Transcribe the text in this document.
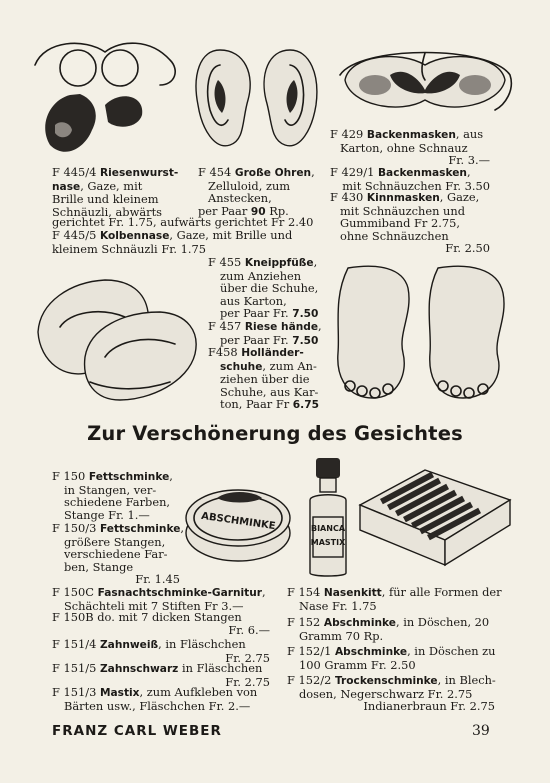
ABSCHMINKE	BIANCA
MASTIX
F 445/4 Riesenwurst-
nase, Gaze, mit
Brille und kleinem
Schnäuzli, abwärts
F 454 Große Ohren,
Zelluloid, zum
Anstecken,
per Paar 90 Rp.
gerichtet Fr. 1.75, aufwärts gerichtet Fr 2.40
F 445/5 Kolbennase, Gaze, mit Brille und
kleinem Schnäuzli Fr. 1.75
F 429 Backenmasken, aus
Karton, ohne Schnauz
Fr. 3.—
F 429/1 Backenmasken,
mit Schnäuzchen Fr. 3.50
F 430 Kinnmasken, Gaze,
mit Schnäuzchen und
Gummiband Fr 2.75,
ohne Schnäuzchen
Fr. 2.50
F 455 Kneippfüße,
zum Anziehen
über die Schuhe,
aus Karton,
per Paar Fr. 7.50
F 457 Riese hände,
per Paar Fr. 7.50
F458 Holländer-
schuhe, zum An-
ziehen über die
Schuhe, aus Kar-
ton, Paar Fr 6.75
Zur Verschönerung des Gesichtes
F 150 Fettschminke,
in Stangen, ver-
schiedene Farben,
Stange Fr. 1.—
F 150/3 Fettschminke,
größere Stangen,
verschiedene Far-
ben, Stange
Fr. 1.45
F 150C Fasnachtschminke-Garnitur,
Schächteli mit 7 Stiften Fr 3.—
F 150B do. mit 7 dicken Stangen
Fr. 6.—
F 151/4 Zahnweiß, in Fläschchen
Fr. 2.75
F 151/5 Zahnschwarz in Fläschchen
Fr. 2.75
F 151/3 Mastix, zum Aufkleben von
Bärten usw., Fläschchen Fr. 2.—
F 154 Nasenkitt, für alle Formen der
Nase Fr. 1.75
F 152 Abschminke, in Döschen, 20
Gramm 70 Rp.
F 152/1 Abschminke, in Döschen zu
100 Gramm Fr. 2.50
F 152/2 Trockenschminke, in Blech-
dosen, Negerschwarz Fr. 2.75
Indianerbraun Fr. 2.75
FRANZ CARL WEBER	39
